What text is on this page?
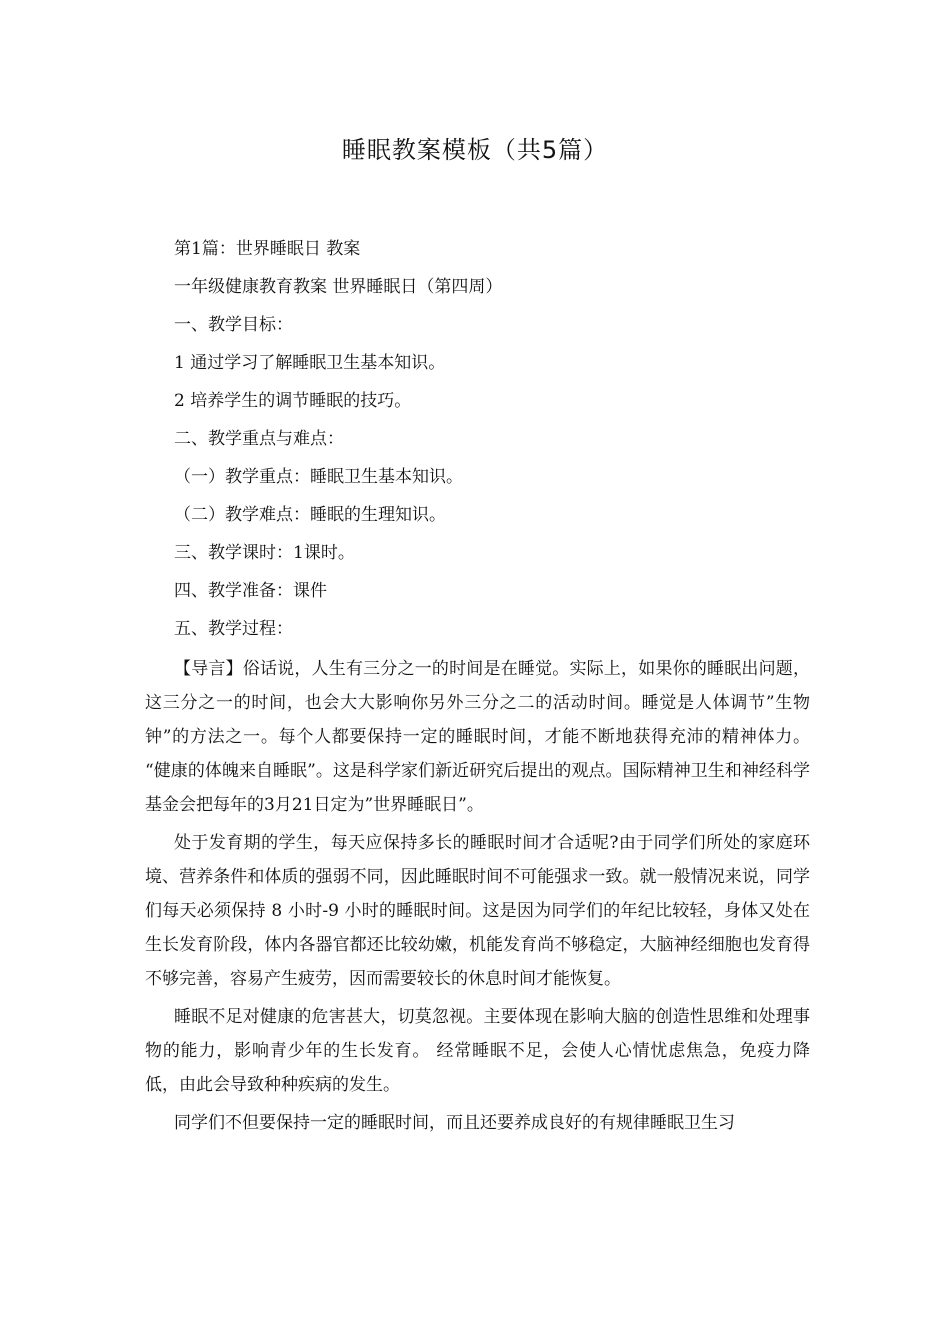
睡眠教案模板（共5篇）
第1篇：世界睡眠日 教案
一年级健康教育教案 世界睡眠日（第四周）
一、教学目标：
1 通过学习了解睡眠卫生基本知识。
2 培养学生的调节睡眠的技巧。
二、教学重点与难点：
（一）教学重点：睡眠卫生基本知识。
（二）教学难点：睡眠的生理知识。
三、教学课时：1课时。
四、教学准备：课件
五、教学过程：

【导言】俗话说，人生有三分之一的时间是在睡觉。实际上，如果你的睡眠出问题，这三分之一的时间，也会大大影响你另外三分之二的活动时间。睡觉是人体调节”生物钟”的方法之一。每个人都要保持一定的睡眠时间，才能不断地获得充沛的精神体力。 “健康的体魄来自睡眠”。这是科学家们新近研究后提出的观点。国际精神卫生和神经科学基金会把每年的3月21日定为”世界睡眠日”。

处于发育期的学生，每天应保持多长的睡眠时间才合适呢?由于同学们所处的家庭环境、营养条件和体质的强弱不同，因此睡眠时间不可能强求一致。就一般情况来说，同学们每天必须保持 8 小时-9 小时的睡眠时间。这是因为同学们的年纪比较轻，身体又处在生长发育阶段，体内各器官都还比较幼嫩，机能发育尚不够稳定，大脑神经细胞也发育得不够完善，容易产生疲劳，因而需要较长的休息时间才能恢复。

睡眠不足对健康的危害甚大，切莫忽视。主要体现在影响大脑的创造性思维和处理事物的能力，影响青少年的生长发育。 经常睡眠不足，会使人心情忧虑焦急，免疫力降低，由此会导致种种疾病的发生。

同学们不但要保持一定的睡眠时间，而且还要养成良好的有规律睡眠卫生习
